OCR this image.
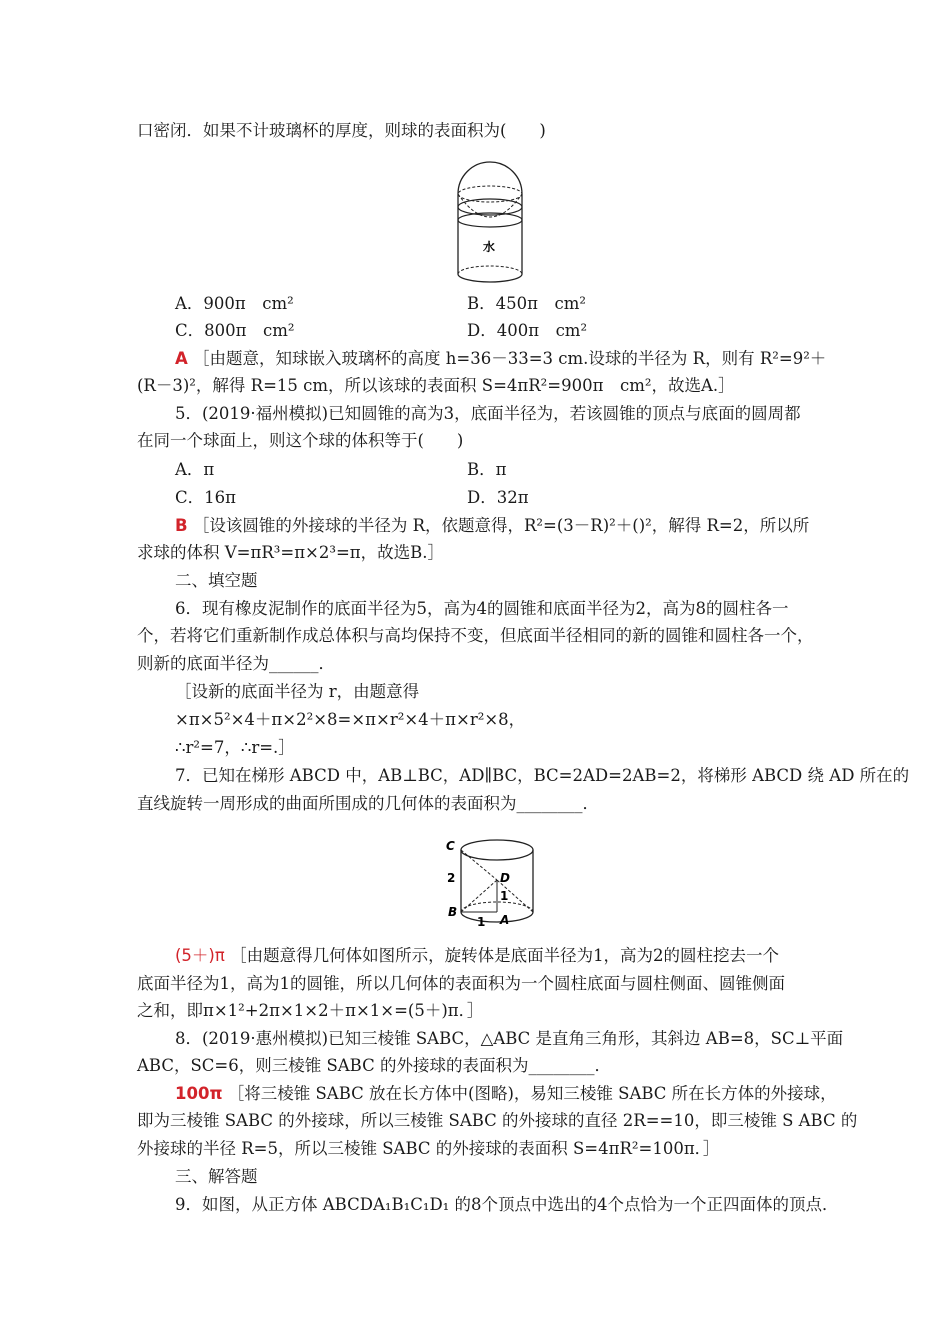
口密闭．如果不计玻璃杯的厚度，则球的表面积为(　　)
水
A．900π　cm²	B．450π　cm²
C．800π　cm²	D．400π　cm²
A ［由题意，知球嵌入玻璃杯的高度 h=36－33=3 cm.设球的半径为 R，则有 R²=9²＋
(R－3)²，解得 R=15 cm，所以该球的表面积 S=4πR²=900π　cm²，故选A.］
5．(2019·福州模拟)已知圆锥的高为3，底面半径为，若该圆锥的顶点与底面的圆周都
在同一个球面上，则这个球的体积等于(　　)
A．π	B．π
C．16π	D．32π
B ［设该圆锥的外接球的半径为 R，依题意得，R²=(3－R)²＋()²，解得 R=2，所以所
求球的体积 V=πR³=π×2³=π，故选B.］
二、填空题
6．现有橡皮泥制作的底面半径为5，高为4的圆锥和底面半径为2，高为8的圆柱各一
个，若将它们重新制作成总体积与高均保持不变，但底面半径相同的新的圆锥和圆柱各一个，
则新的底面半径为______．
［设新的底面半径为 r，由题意得
×π×5²×4＋π×2²×8=×π×r²×4＋π×r²×8，
∴r²=7，∴r=.］
7．已知在梯形 ABCD 中，AB⊥BC，AD∥BC，BC=2AD=2AB=2，将梯形 ABCD 绕 AD 所在的
直线旋转一周形成的曲面所围成的几何体的表面积为________．
C
2	D
1
B
1 A
(5＋)π ［由题意得几何体如图所示，旋转体是底面半径为1，高为2的圆柱挖去一个
底面半径为1，高为1的圆锥，所以几何体的表面积为一个圆柱底面与圆柱侧面、圆锥侧面
之和，即π×1²+2π×1×2＋π×1×=(5＋)π．］
8．(2019·惠州模拟)已知三棱锥 SABC，△ABC 是直角三角形，其斜边 AB=8，SC⊥平面
ABC，SC=6，则三棱锥 SABC 的外接球的表面积为________．
100π ［将三棱锥 SABC 放在长方体中(图略)，易知三棱锥 SABC 所在长方体的外接球，
即为三棱锥 SABC 的外接球，所以三棱锥 SABC 的外接球的直径 2R==10，即三棱锥 S ABC 的
外接球的半径 R=5，所以三棱锥 SABC 的外接球的表面积 S=4πR²=100π．］
三、解答题
9．如图，从正方体 ABCDA₁B₁C₁D₁ 的8个顶点中选出的4个点恰为一个正四面体的顶点．
